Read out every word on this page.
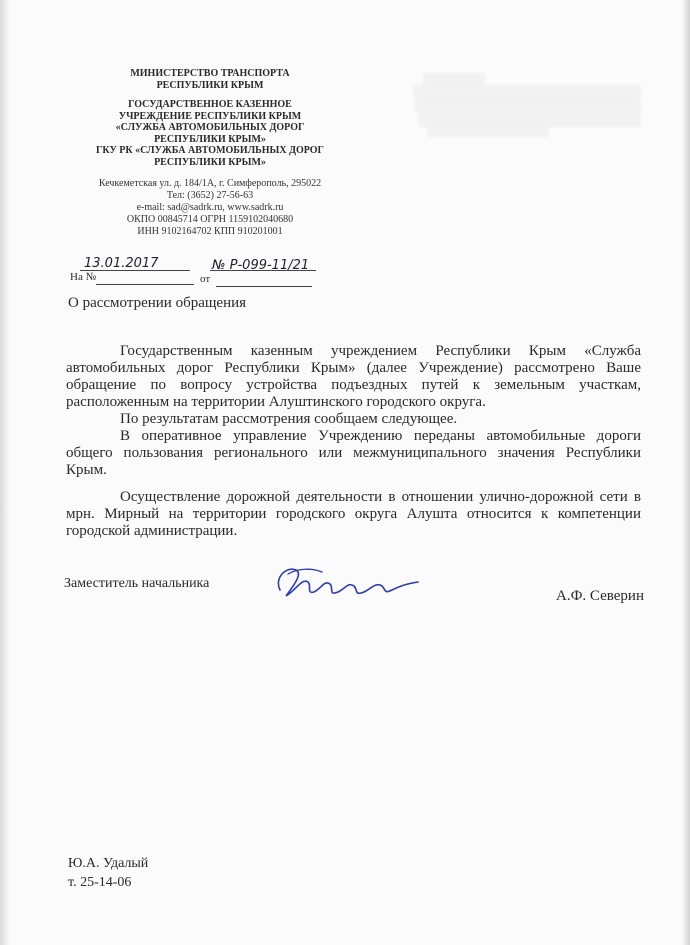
МИНИСТЕРСТВО ТРАНСПОРТА
РЕСПУБЛИКИ КРЫМ
ГОСУДАРСТВЕННОЕ КАЗЕННОЕ
УЧРЕЖДЕНИЕ РЕСПУБЛИКИ КРЫМ
«СЛУЖБА АВТОМОБИЛЬНЫХ ДОРОГ
РЕСПУБЛИКИ КРЫМ»
ГКУ РК «СЛУЖБА АВТОМОБИЛЬНЫХ ДОРОГ
РЕСПУБЛИКИ КРЫМ»
Кечкеметская ул. д. 184/1А, г. Симферополь, 295022
Тел: (3652) 27-56-63
e-mail: sad@sadrk.ru, www.sadrk.ru
ОКПО 00845714 ОГРН 1159102040680
ИНН 9102164702 КПП 910201001
13.01.2017	№ Р-099-11/21
На №	от
О рассмотрении обращения

Государственным казенным учреждением Республики Крым «Служба автомобильных дорог Республики Крым» (далее Учреждение) рассмотрено Ваше обращение по вопросу устройства подъездных путей к земельным участкам, расположенным на территории Алуштинского городского округа.

По результатам рассмотрения сообщаем следующее.

В оперативное управление Учреждению переданы автомобильные дороги общего пользования регионального или межмуниципального значения Республики Крым.

Осуществление дорожной деятельности в отношении улично-дорожной сети в мрн. Мирный на территории городского округа Алушта относится к компетенции городской администрации.

Заместитель начальника
А.Ф. Северин
Ю.А. Удалый
т. 25-14-06
